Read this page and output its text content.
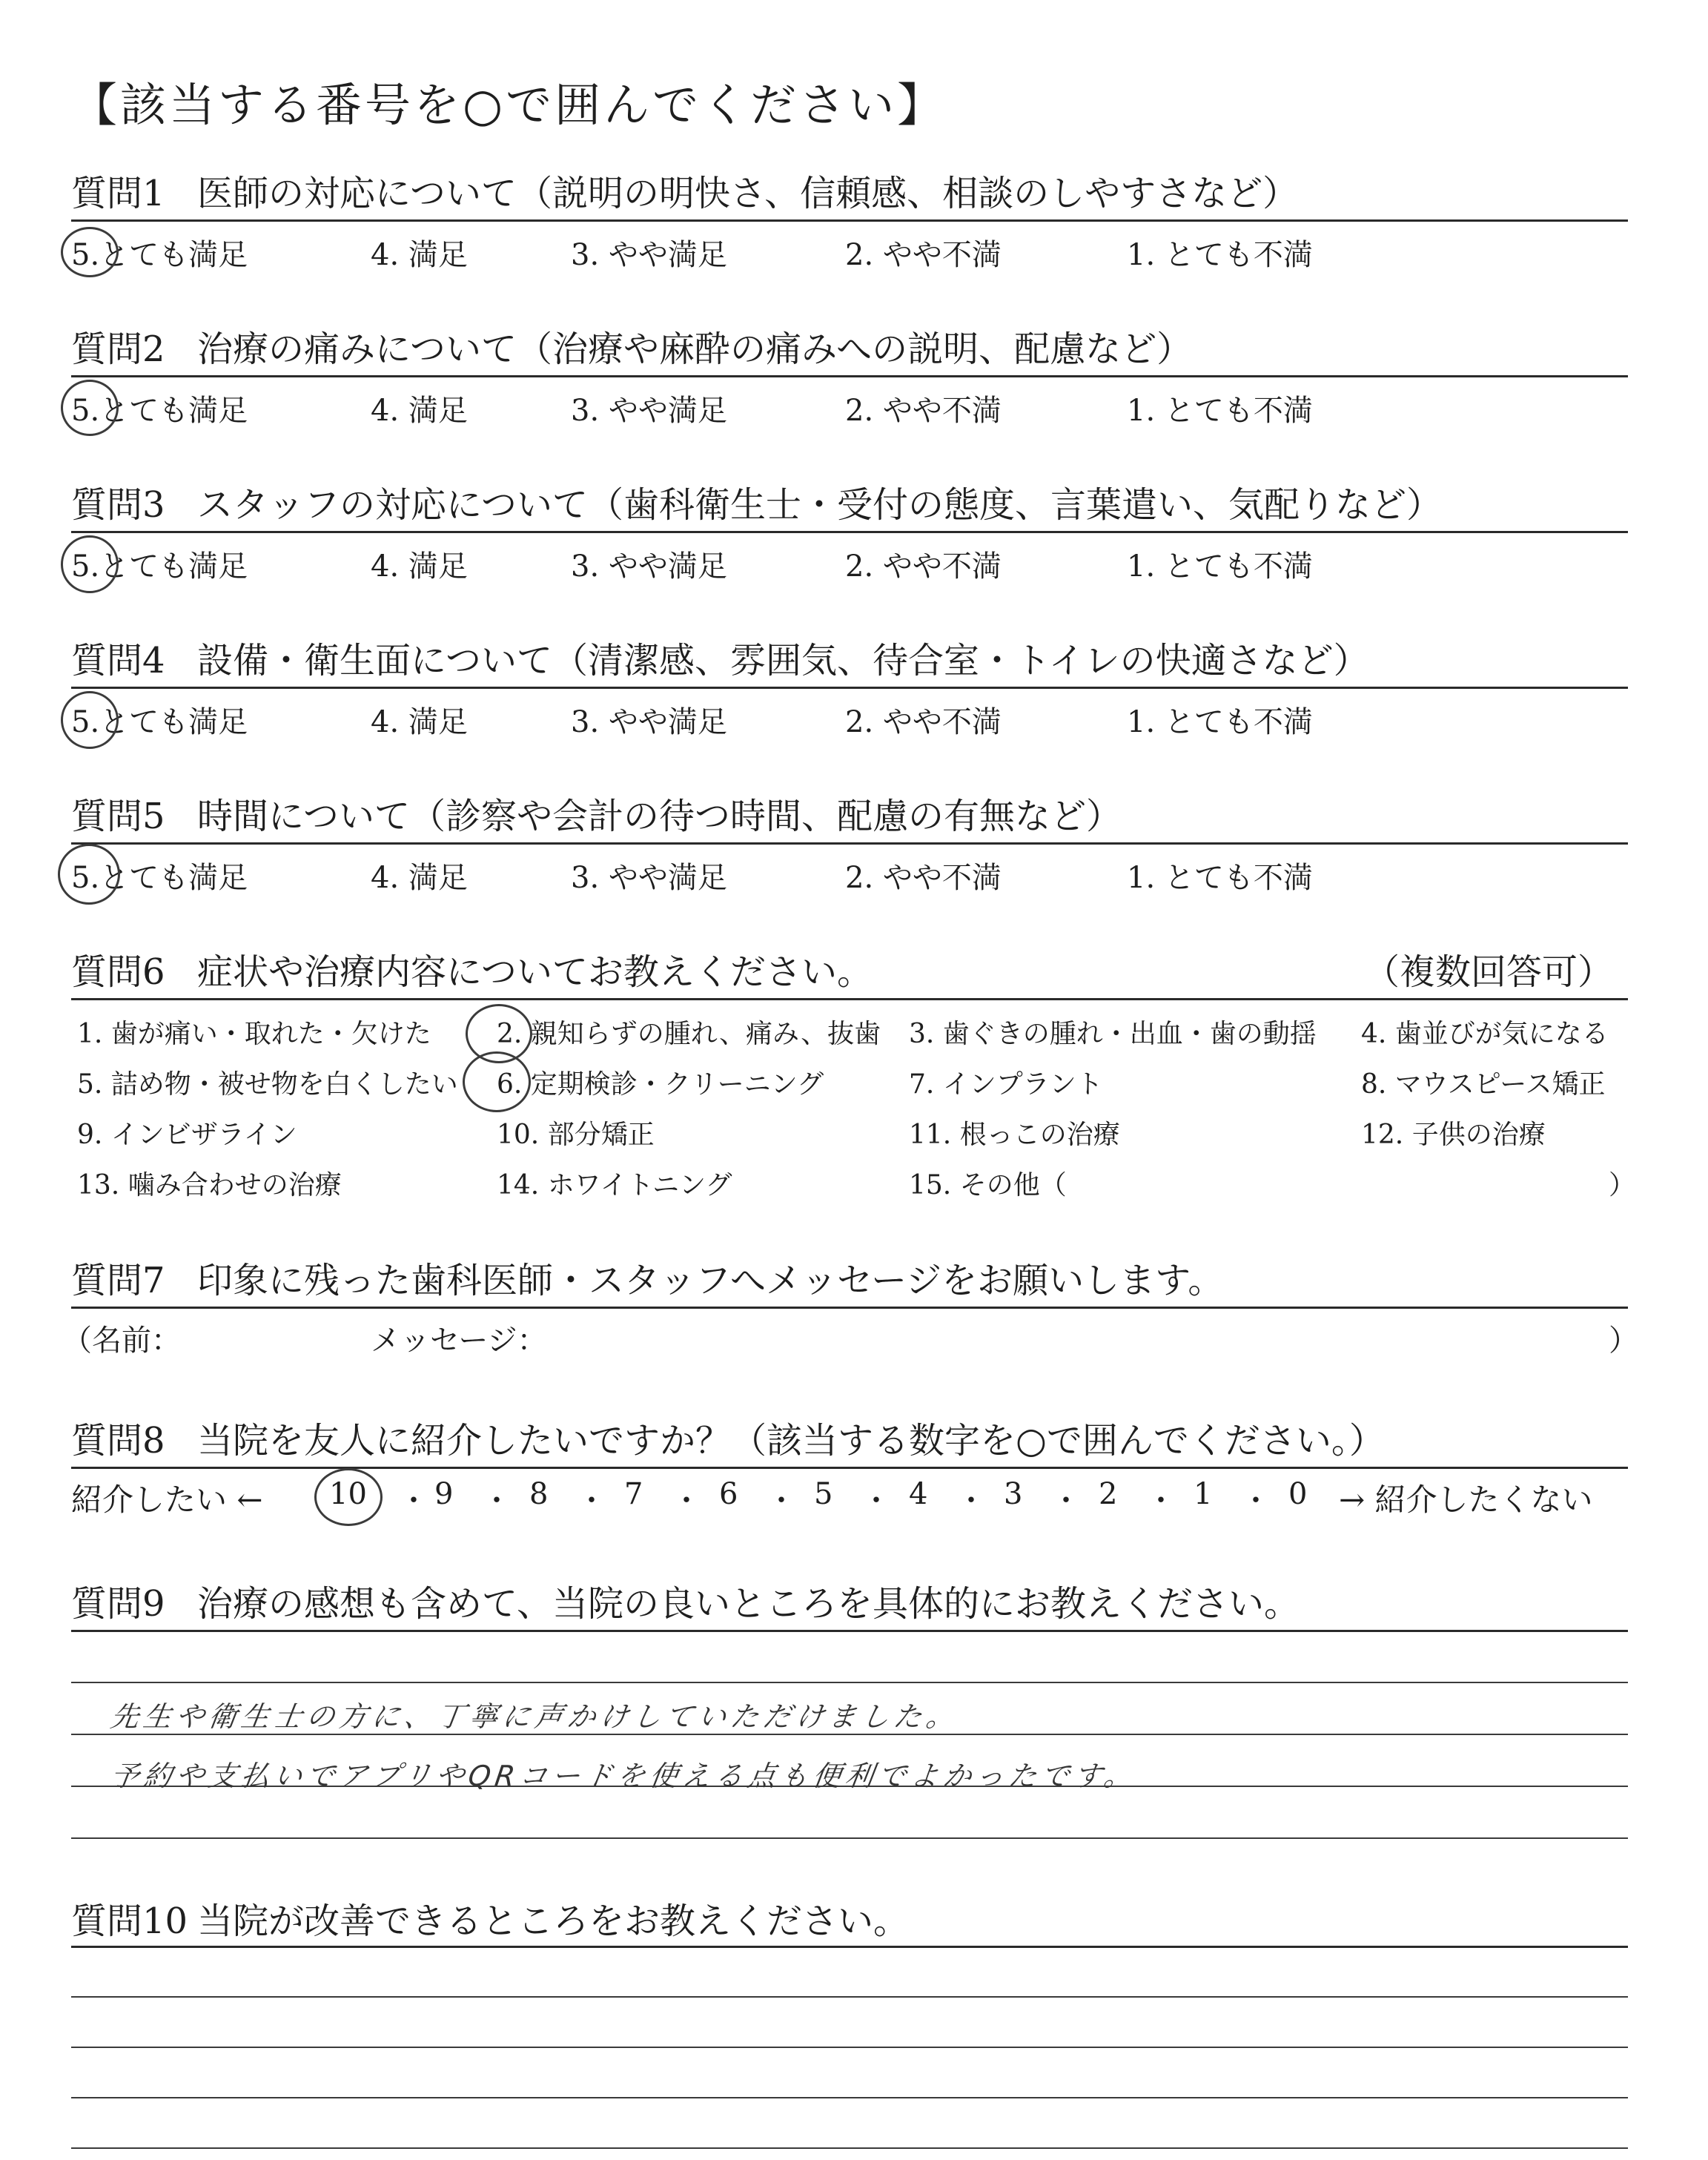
【該当する番号を○で囲んでください】
質問1 医師の対応について（説明の明快さ、信頼感、相談のしやすさなど）
5.とても満足	4. 満足	3. やや満足	2. やや不満	1. とても不満
質問2 治療の痛みについて（治療や麻酔の痛みへの説明、配慮など）
5.とても満足	4. 満足	3. やや満足	2. やや不満	1. とても不満
質問3 スタッフの対応について（歯科衛生士・受付の態度、言葉遣い、気配りなど）
5.とても満足	4. 満足	3. やや満足	2. やや不満	1. とても不満
質問4 設備・衛生面について（清潔感、雰囲気、待合室・トイレの快適さなど）
5.とても満足	4. 満足	3. やや満足	2. やや不満	1. とても不満
質問5 時間について（診察や会計の待つ時間、配慮の有無など）
5.とても満足	4. 満足	3. やや満足	2. やや不満	1. とても不満
質問6 症状や治療内容についてお教えください。	（複数回答可）
1. 歯が痛い・取れた・欠けた 2. 親知らずの腫れ、痛み、抜歯 3. 歯ぐきの腫れ・出血・歯の動揺 4. 歯並びが気になる
5. 詰め物・被せ物を白くしたい 6. 定期検診・クリーニング	7. インプラント	8. マウスピース矯正
9. インビザライン	10. 部分矯正	11. 根っこの治療	12. 子供の治療
13. 噛み合わせの治療	14. ホワイトニング	15. その他（	）
質問7 印象に残った歯科医師・スタッフへメッセージをお願いします。
（名前：	メッセージ：	）
質問8 当院を友人に紹介したいですか？（該当する数字を○で囲んでください。）
紹介したい ← 10 9	8	7	6	5	4	3	2	1	0
・ ・ ・ ・ ・ ・ ・ ・ ・ ・ → 紹介したくない
質問9 治療の感想も含めて、当院の良いところを具体的にお教えください。
先生や衛生士の方に、丁寧に声かけしていただけました。
予約や支払いでアプリやQRコードを使える点も便利でよかったです。
質問10 当院が改善できるところをお教えください。
